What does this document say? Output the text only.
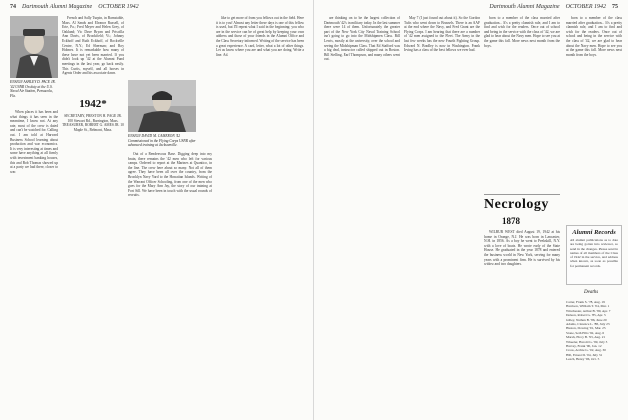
74 Dartmouth Alumni Magazine OCTOBER 1942
ENSIGN ASHLEY D. PACE JR. '42 USNR On duty at the U.S. Naval Air Station, Pensacola, Fla.

When places it has been and what things it has seen in the meantime, I know not. At any rate, most of the crew is dated and can't be watched for. Calling out. I am told at Harvard Business School learning about production and war economics. It is very interesting at times and some have anything at all firmly with investment banking houses, this and Bob Thomas showed up at a party we had there, closer to war.

French and Sally Turpin, in Barnstable, Mass. Al Sands and Eleanor Russell, of Erie, Pa.; Fred Meyer and Helen Grey, of Oakland; Vic Dave Bryan and Priscilla Ann Davis, of Brookfield; Vt.; Johnny Eckhoff and Ruth Eckhoff, of Rockville Centre, N.Y.; Ed Sherman; and Roy Holmes. It is remarkable how many of these have not yet been married. If you didn't look up '42 at the Alumni Fund meetings in the last year, go back easily. This Curtis, myself, and all horses in Agents Order and his associate dawn.

1942*
SECRETARY, PRESTON H. PAGE JR. 100 Stewart Rd., Barrington, Mass. TREASURER, ROBERT G. AMES JR. 10 Maple St., Belmont, Mass.
ENSIGN DAVID M. CAMERON '42 Commissioned in the Flying Corps USNR after advanced training at Jacksonville.

Out of a Rendezvous Base. Digging deep into my brain, there remains the '42 men who left for various camps. Ordered to report at the Marines at Quantico, in the line. The crew here about so many. Not all of them agree. They have been all over the country, from the Brooklyn Navy Yard to the Hawaiian Islands. Writing of the Warrant Officer Schooling, from one of the men who goes for the Mary Ann Jay, the story of our training at Fort Sill. We have been in touch with the usual rounds of recruits.

like to get more of from you fellows out in the field. Here it is to you! Almost any letter these days is one of this fellow is used, but I'll repeat what I said in the beginning: you who are in the service can be of great help by keeping your own address and those of your friends in the Alumni Office and the Class Secretary informed. Writing of the service has been a great experience. A card, letter, what a lot of other things. Let us know where you are and what you are doing. Write a line. Ad.

Dartmouth Alumni Magazine OCTOBER 1942 75

are thinking on to be the largest collection of Dartmouth '42's in military today. In the last summer there were 14 of them. Unfortunately the greater part of the New York City Naval Training School isn't going to go into the Midshipmen Class. Bill Lewis, mostly at the university, over the school and seeing the Midshipman Class. That Ed Stafford was a big deal, instructor called shipped out in Boston. Bill Stelling, Earl Thompson, and many others went out.

May 7 (I just found out about it). So the Gordon Tufts who went down to Brussels. There is an AAF at the end where the Navy, and Fred Grant are the Flying Corps. I am hearing that there are a number of '42 men assigned to the Fleet. The Army in the last few weeks has the new Fourth Fighting Group. Edward N. Bradley is now in Washington. Frank Irving has a class of the best fellows we ever had.

born to a member of the class married after graduation... It's a pretty clannish rule, and I am to find and wish for the readers. Once out of school and being in the service with the class of '42, we are glad to hear about the Navy men. Hope to see you at the game this fall. More news next month from the boys.

born to a member of the class married after graduation... It's a pretty clannish rule, and I am to find and wish for the readers. Once out of school and being in the service with the class of '42, we are glad to hear about the Navy men. Hope to see you at the game this fall. More news next month from the boys.

Necrology
1878

WILBUR WEST died August 19, 1942 at his home in Orange, N.J. He was born in Lancaster, N.H. in 1856. As a boy he went to Peekskill, N.Y. with a love of boats. He wrote early of the State House. He graduated in the year 1878 and entered the business world in New York, serving for many years with a prominent firm. He is survived by his widow and two daughters.

Alumni Records
All alumni publications as to date are being gotten into reviewer, so send in the changes. Please send in names of all members of the Class of 1942 in the service, and address when known, as soon as possible for permanent records.
Deaths
Carter, Frank S. '78, Aug. 19
Harrison, William T. '04, Mar. 1
Winchester, Arthur B. '80, Apr. 7
Deleon, Robert G. '85, Apr. 5
Gilley, Nathan B. '86, June 20
Adams, Clarence L. '88, July 23
Huston, Dowing '91, Mar. 25
Stone, Seth Ellis '92, Aug. 6
Marsh, Elroy B. '93, Aug. 21
Wheeler, Harold G. '99, July 3
Harvey, Frank '00, Jan. 12
Cross, Archie G. '02, Aug. 30
Hill, Ernest D. '04, July 31
Leach, Henry '06, Oct. 5
